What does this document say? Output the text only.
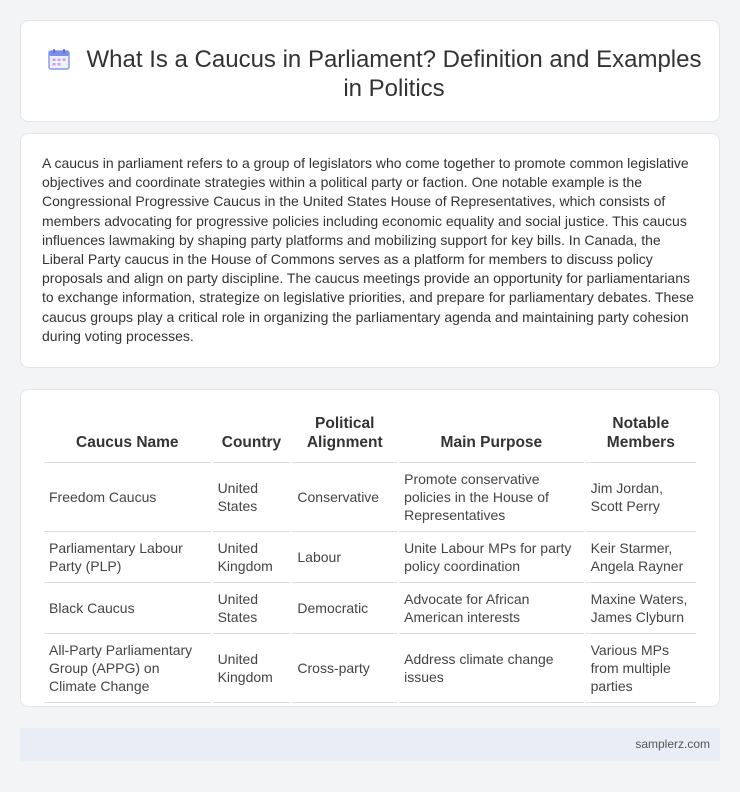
What Is a Caucus in Parliament? Definition and Examples in Politics

A caucus in parliament refers to a group of legislators who come together to promote common legislative objectives and coordinate strategies within a political party or faction. One notable example is the Congressional Progressive Caucus in the United States House of Representatives, which consists of members advocating for progressive policies including economic equality and social justice. This caucus influences lawmaking by shaping party platforms and mobilizing support for key bills. In Canada, the Liberal Party caucus in the House of Commons serves as a platform for members to discuss policy proposals and align on party discipline. The caucus meetings provide an opportunity for parliamentarians to exchange information, strategize on legislative priorities, and prepare for parliamentary debates. These caucus groups play a critical role in organizing the parliamentary agenda and maintaining party cohesion during voting processes.

Caucus Name	Country	Political Alignment	Main Purpose	Notable Members
Freedom Caucus	United States	Conservative	Promote conservative policies in the House of Representatives	Jim Jordan, Scott Perry
Parliamentary Labour Party (PLP)	United Kingdom	Labour	Unite Labour MPs for party policy coordination	Keir Starmer, Angela Rayner
Black Caucus	United States	Democratic	Advocate for African American interests	Maxine Waters, James Clyburn
All-Party Parliamentary Group (APPG) on Climate Change	United Kingdom	Cross-party	Address climate change issues	Various MPs from multiple parties
samplerz.com
